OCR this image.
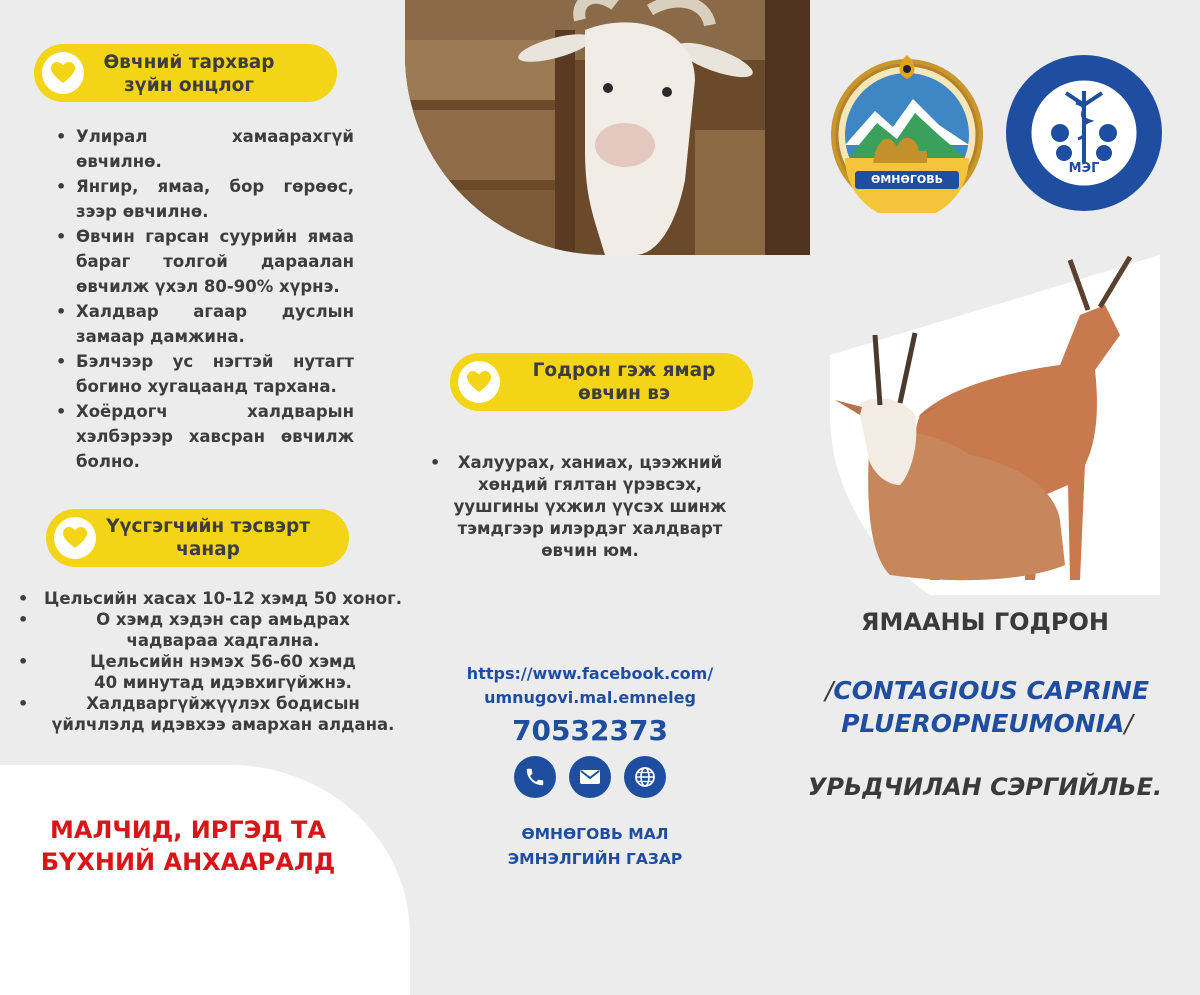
Өвчний тархвар
зүйн онцлог
• Улирал хамаарахгүй өвчилнө.
• Янгир, ямаа, бор гөрөөс, зээр өвчилнө.
• Өвчин гарсан суурийн ямаа бараг толгой дараалан өвчилж үхэл 80-90% хүрнэ.
• Халдвар агаар дуслын замаар дамжина.
• Бэлчээр ус нэгтэй нутагт богино хугацаанд тархана.
• Хоёрдогч халдварын хэлбэрээр хавсран өвчилж болно.
Үүсгэгчийн тэсвэрт
чанар
• Цельсийн хасах 10-12 хэмд 50 хоног.
• О хэмд хэдэн сар амьдрах чадвараа хадгална.
• Цельсийн нэмэх 56-60 хэмд 40 минутад идэвхигүйжнэ.
• Халдваргүйжүүлэх бодисын үйлчлэлд идэвхээ амархан алдана.
Годрон гэж ямар
өвчин вэ
• Халуурах, ханиах, цээжний хөндий гялтан үрэвсэх, уушгины үхжил үүсэх шинж тэмдгээр илэрдэг халдварт өвчин юм.
https://www.facebook.com/
umnugovi.mal.emneleg
70532373
ӨМНӨГОВЬ МАЛ
ЭМНЭЛГИЙН ГАЗАР
МАЛЧИД, ИРГЭД ТА
БҮХНИЙ АНХААРАЛД
ӨМНӨГОВЬ
МЭГ
ЯМААНЫ ГОДРОН
/CONTAGIOUS CAPRINE
PLUEROPNEUMONIA/
УРЬДЧИЛАН СЭРГИЙЛЬЕ.
